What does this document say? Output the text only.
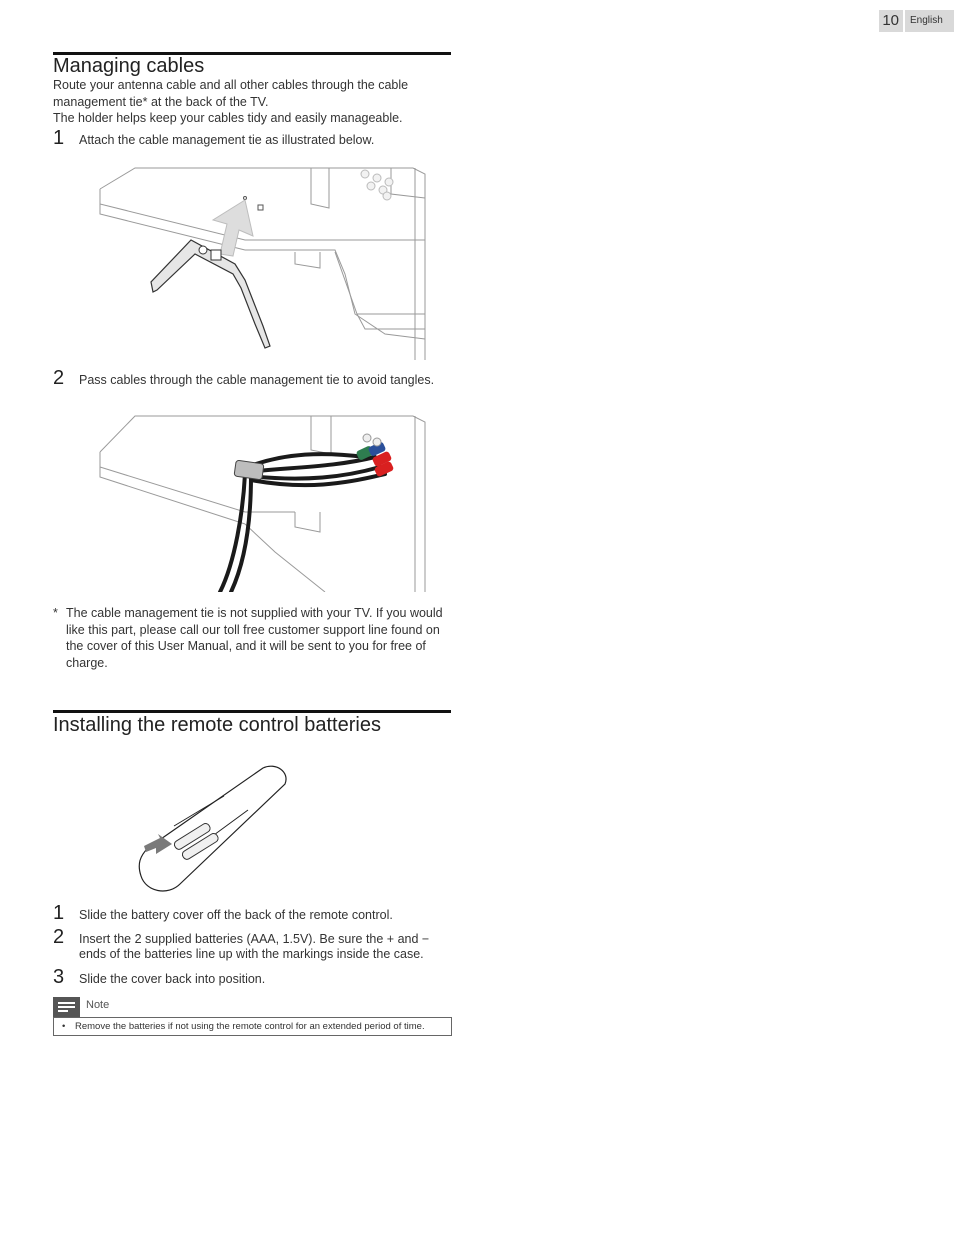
10	English
Managing cables

Route your antenna cable and all other cables through the cable

management tie* at the back of the TV.

The holder helps keep your cables tidy and easily manageable.

1	Attach the cable management tie as illustrated below.
2	Pass cables through the cable management tie to avoid tangles.
* The cable management tie is not supplied with your TV. If you would

like this part, please call our toll free customer support line found on

the cover of this User Manual, and it will be sent to you for free of

charge.

Installing the remote control batteries
1	Slide the battery cover off the back of the remote control.
2	Insert the 2 supplied batteries (AAA, 1.5V). Be sure the + and −
ends of the batteries line up with the markings inside the case.
3	Slide the cover back into position.
Note
• Remove the batteries if not using the remote control for an extended period of time.
